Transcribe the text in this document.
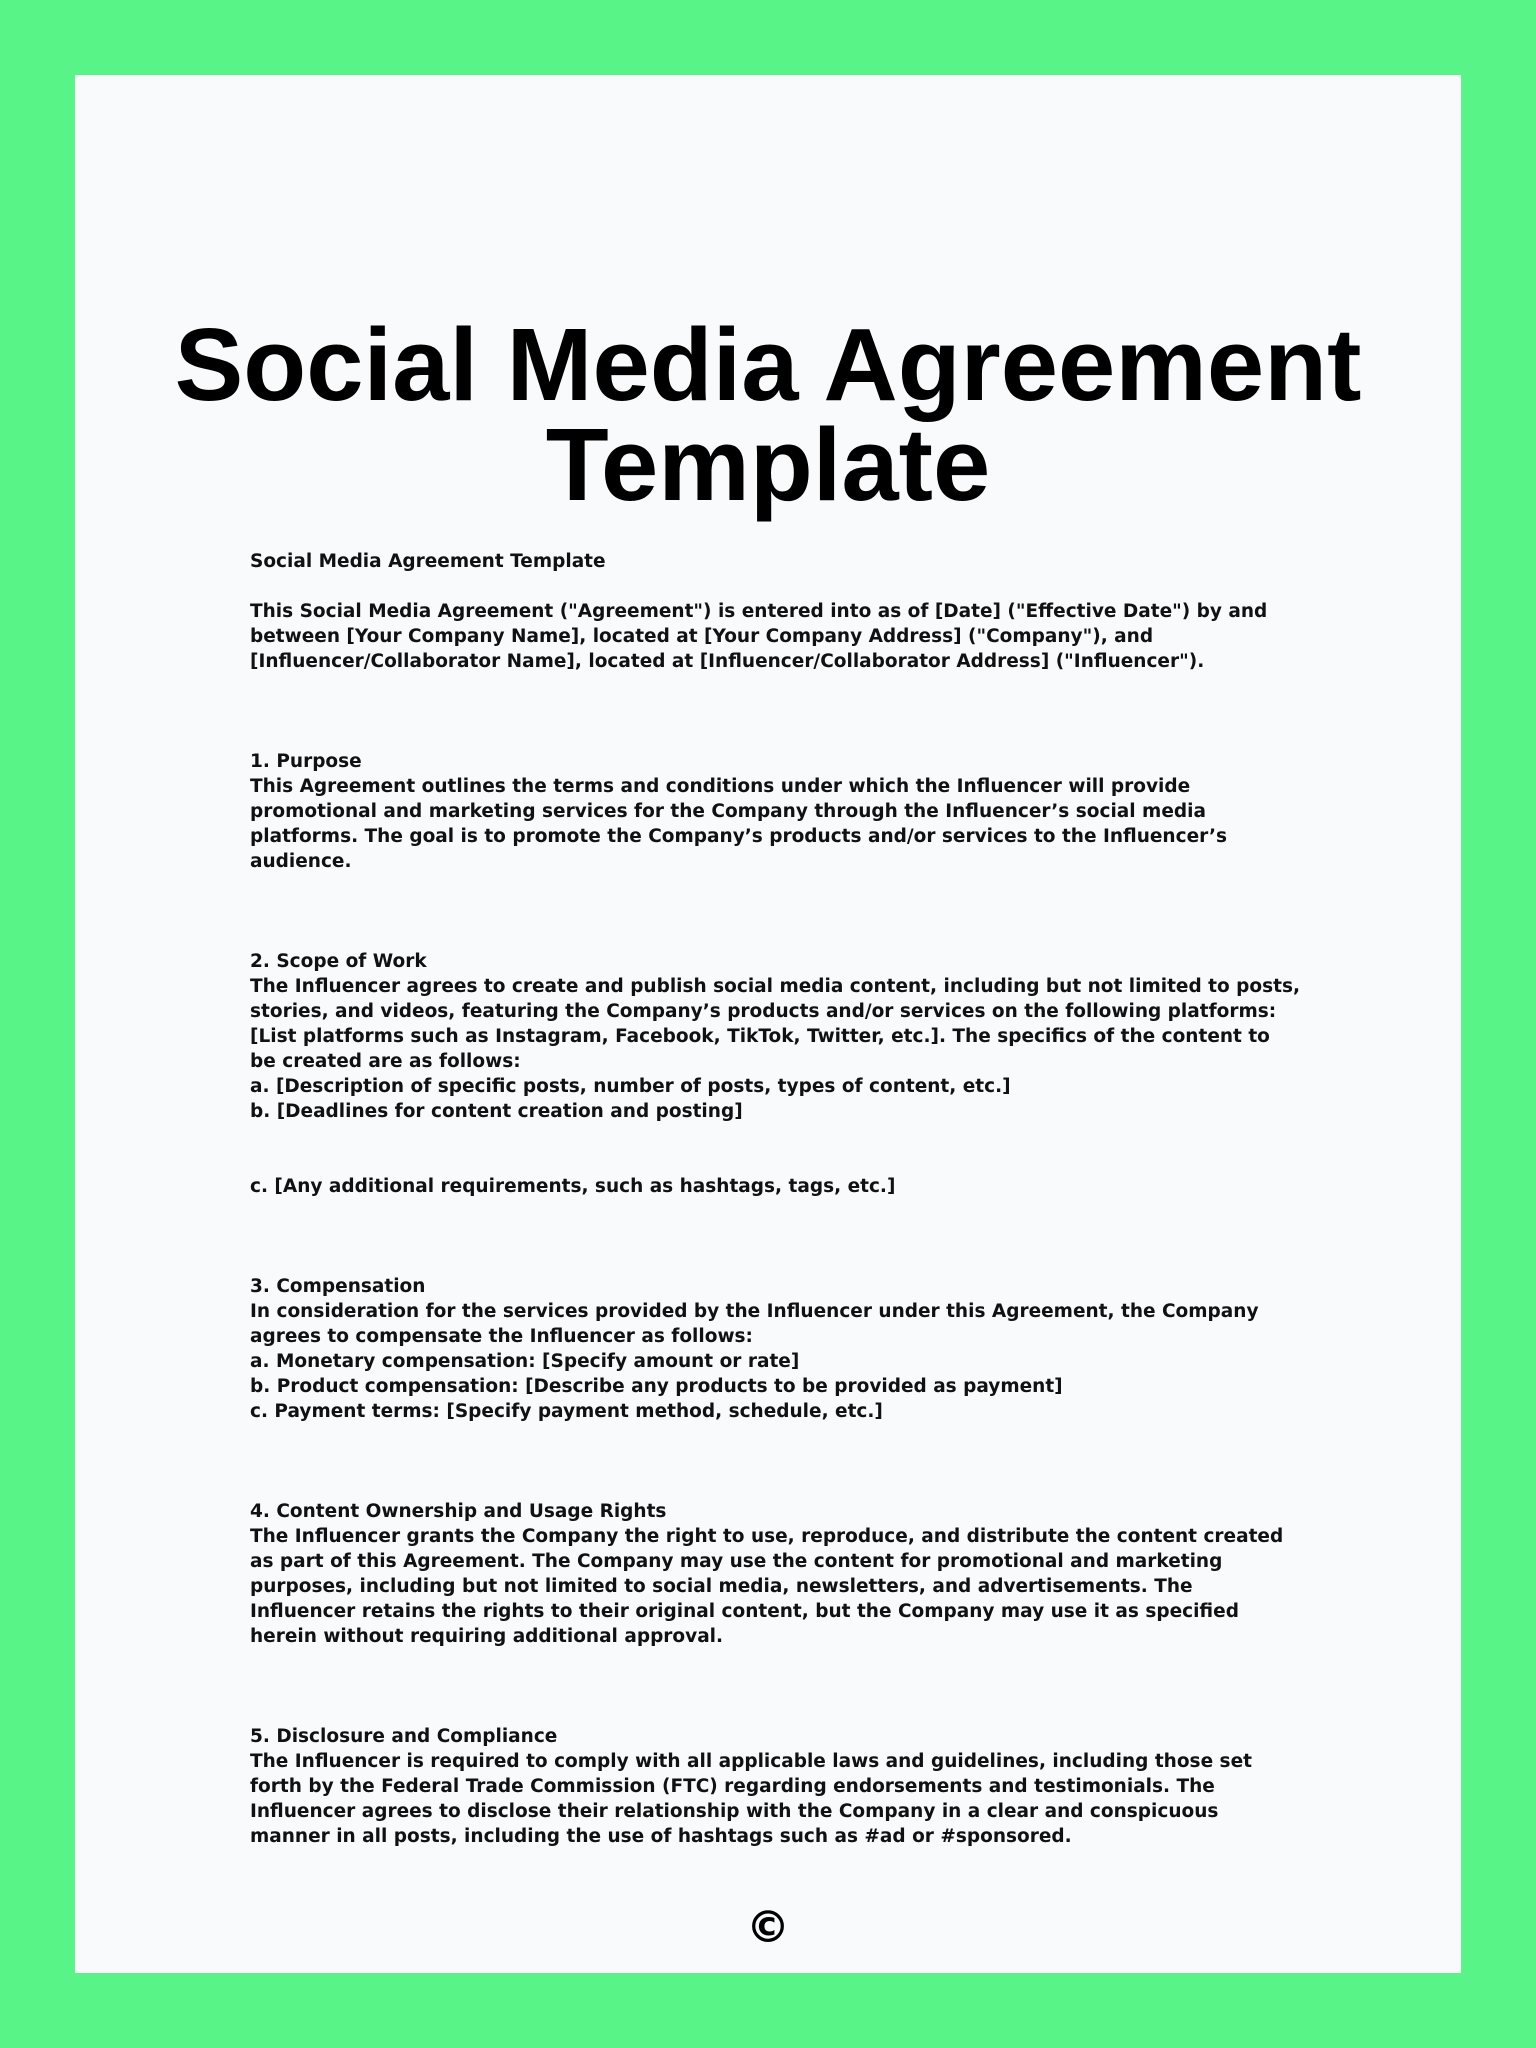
Social Media Agreement
Template

Social Media Agreement Template

This Social Media Agreement ("Agreement") is entered into as of [Date] ("Effective Date") by and between [Your Company Name], located at [Your Company Address] ("Company"), and [Influencer/Collaborator Name], located at [Influencer/Collaborator Address] ("Influencer").

1. Purpose

This Agreement outlines the terms and conditions under which the Influencer will provide promotional and marketing services for the Company through the Influencer’s social media platforms. The goal is to promote the Company’s products and/or services to the Influencer’s audience.

2. Scope of Work

The Influencer agrees to create and publish social media content, including but not limited to posts, stories, and videos, featuring the Company’s products and/or services on the following platforms: [List platforms such as Instagram, Facebook, TikTok, Twitter, etc.]. The specifics of the content to be created are as follows:

a. [Description of specific posts, number of posts, types of content, etc.]

b. [Deadlines for content creation and posting]

c. [Any additional requirements, such as hashtags, tags, etc.]

3. Compensation

In consideration for the services provided by the Influencer under this Agreement, the Company agrees to compensate the Influencer as follows:

a. Monetary compensation: [Specify amount or rate]

b. Product compensation: [Describe any products to be provided as payment]

c. Payment terms: [Specify payment method, schedule, etc.]

4. Content Ownership and Usage Rights

The Influencer grants the Company the right to use, reproduce, and distribute the content created as part of this Agreement. The Company may use the content for promotional and marketing purposes, including but not limited to social media, newsletters, and advertisements. The Influencer retains the rights to their original content, but the Company may use it as specified herein without requiring additional approval.

5. Disclosure and Compliance

The Influencer is required to comply with all applicable laws and guidelines, including those set forth by the Federal Trade Commission (FTC) regarding endorsements and testimonials. The Influencer agrees to disclose their relationship with the Company in a clear and conspicuous manner in all posts, including the use of hashtags such as #ad or #sponsored.

©
